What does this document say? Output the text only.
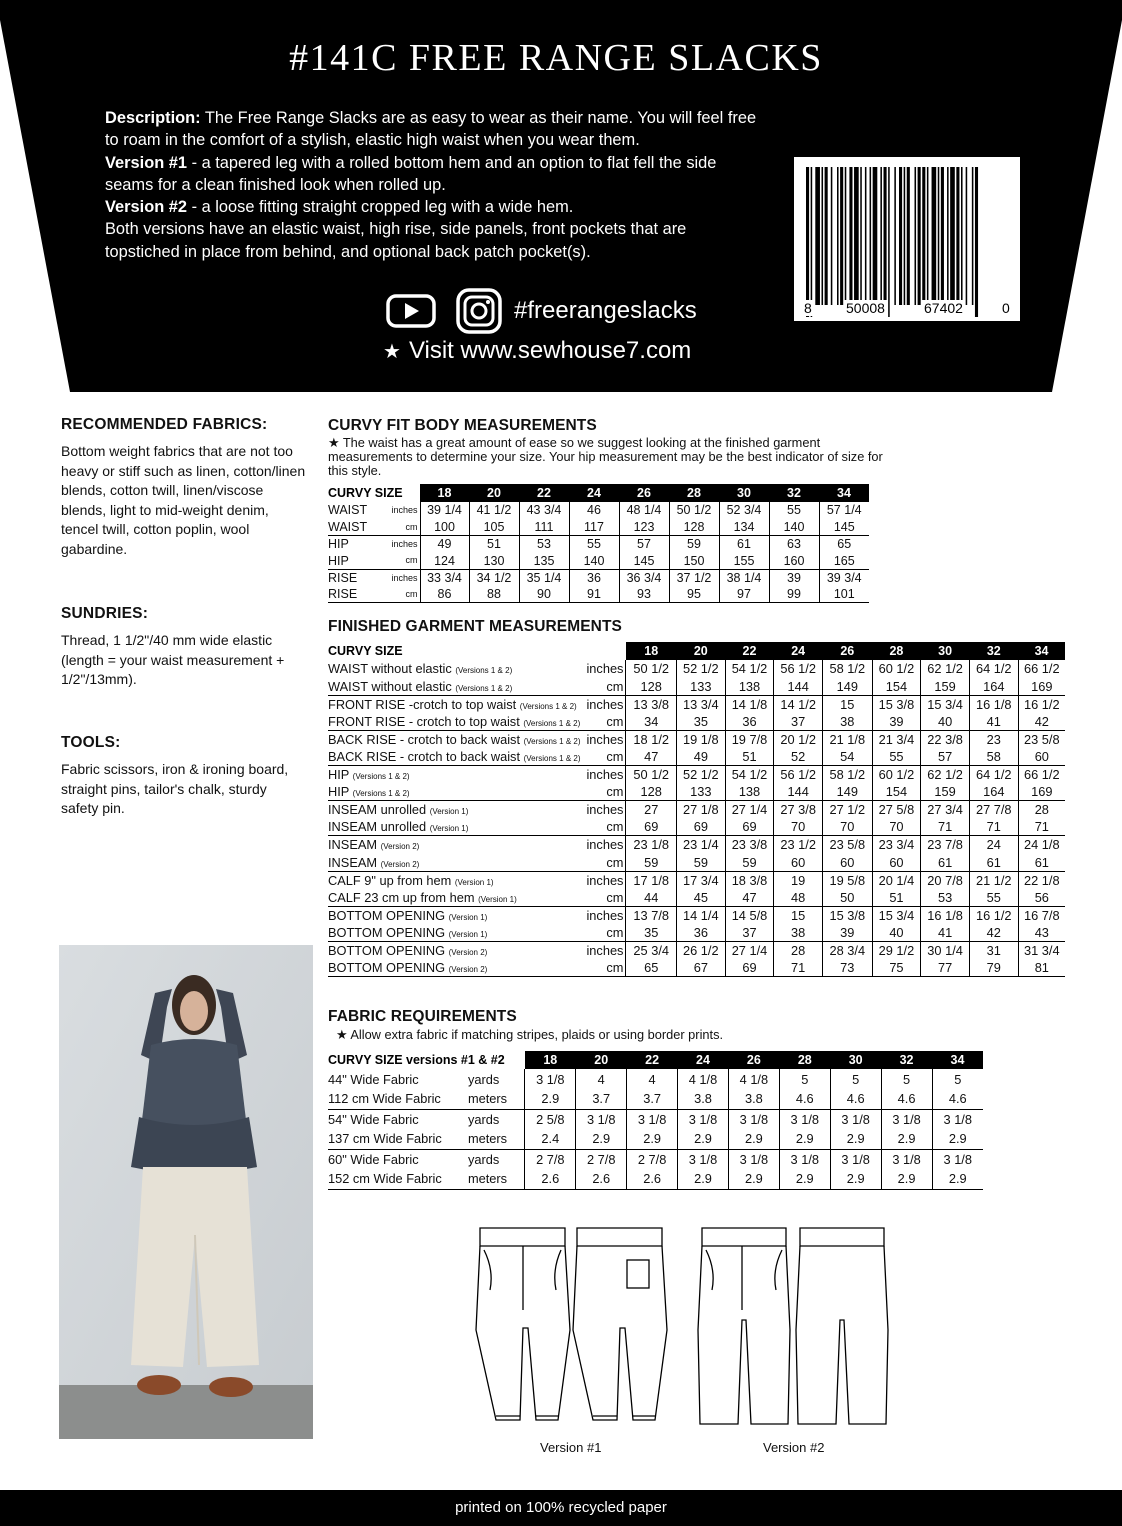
#141C FREE RANGE SLACKS
Description: The Free Range Slacks are as easy to wear as their name. You will feel free to roam in the comfort of a stylish, elastic high waist when you wear them.
Version #1 - a tapered leg with a rolled bottom hem and an option to flat fell the side seams for a clean finished look when rolled up.
Version #2 - a loose fitting straight cropped leg with a wide hem.
Both versions have an elastic waist, high rise, side panels, front pockets that are topstiched in place from behind, and optional back patch pocket(s).
#freerangeslacks
★ Visit www.sewhouse7.com
8 50008	67402	0
RECOMMENDED FABRICS:
Bottom weight fabrics that are not too heavy or stiff such as linen, cotton/linen blends, cotton twill, linen/viscose blends, light to mid-weight denim, tencel twill, cotton poplin, wool gabardine.
SUNDRIES:
Thread, 1 1/2"/40 mm wide elastic (length = your waist measurement + 1/2"/13mm).
TOOLS:
Fabric scissors, iron & ironing board, straight pins, tailor's chalk, sturdy safety pin.
CURVY FIT BODY MEASUREMENTS
★ The waist has a great amount of ease so we suggest looking at the finished garment measurements to determine your size. Your hip measurement may be the best indicator of size for this style.
CURVY SIZE	18	20	22	24	26	28	30	32	34
WAIST inches	39 1/4	41 1/2	43 3/4	46	48 1/4	50 1/2	52 3/4	55	57 1/4
WAIST cm	100	105	111	117	123	128	134	140	145
HIP inches	49	51	53	55	57	59	61	63	65
HIP cm	124	130	135	140	145	150	155	160	165
RISE inches	33 3/4	34 1/2	35 1/4	36	36 3/4	37 1/2	38 1/4	39	39 3/4
RISE cm	86	88	90	91	93	95	97	99	101
FINISHED GARMENT MEASUREMENTS
CURVY SIZE		18	20	22	24	26	28	30	32	34
WAIST without elastic (Versions 1 & 2)	inches	50 1/2	52 1/2	54 1/2	56 1/2	58 1/2	60 1/2	62 1/2	64 1/2	66 1/2
WAIST without elastic (Versions 1 & 2)	cm	128	133	138	144	149	154	159	164	169
FRONT RISE -crotch to top waist (Versions 1 & 2)	inches	13 3/8	13 3/4	14 1/8	14 1/2	15	15 3/8	15 3/4	16 1/8	16 1/2
FRONT RISE - crotch to top waist (Versions 1 & 2)	cm	34	35	36	37	38	39	40	41	42
BACK RISE - crotch to back waist (Versions 1 & 2)	inches	18 1/2	19 1/8	19 7/8	20 1/2	21 1/8	21 3/4	22 3/8	23	23 5/8
BACK RISE - crotch to back waist (Versions 1 & 2)	cm	47	49	51	52	54	55	57	58	60
HIP (Versions 1 & 2)	inches	50 1/2	52 1/2	54 1/2	56 1/2	58 1/2	60 1/2	62 1/2	64 1/2	66 1/2
HIP (Versions 1 & 2)	cm	128	133	138	144	149	154	159	164	169
INSEAM unrolled (Version 1)	inches	27	27 1/8	27 1/4	27 3/8	27 1/2	27 5/8	27 3/4	27 7/8	28
INSEAM unrolled (Version 1)	cm	69	69	69	70	70	70	71	71	71
INSEAM (Version 2)	inches	23 1/8	23 1/4	23 3/8	23 1/2	23 5/8	23 3/4	23 7/8	24	24 1/8
INSEAM (Version 2)	cm	59	59	59	60	60	60	61	61	61
CALF 9" up from hem (Version 1)	inches	17 1/8	17 3/4	18 3/8	19	19 5/8	20 1/4	20 7/8	21 1/2	22 1/8
CALF 23 cm up from hem (Version 1)	cm	44	45	47	48	50	51	53	55	56
BOTTOM OPENING (Version 1)	inches	13 7/8	14 1/4	14 5/8	15	15 3/8	15 3/4	16 1/8	16 1/2	16 7/8
BOTTOM OPENING (Version 1)	cm	35	36	37	38	39	40	41	42	43
BOTTOM OPENING (Version 2)	inches	25 3/4	26 1/2	27 1/4	28	28 3/4	29 1/2	30 1/4	31	31 3/4
BOTTOM OPENING (Version 2)	cm	65	67	69	71	73	75	77	79	81
FABRIC REQUIREMENTS
★ Allow extra fabric if matching stripes, plaids or using border prints.
CURVY SIZE versions #1 & #2		18	20	22	24	26	28	30	32	34
44" Wide Fabric	yards	3 1/8	4	4	4 1/8	4 1/8	5	5	5	5
112 cm Wide Fabric	meters	2.9	3.7	3.7	3.8	3.8	4.6	4.6	4.6	4.6
54" Wide Fabric	yards	2 5/8	3 1/8	3 1/8	3 1/8	3 1/8	3 1/8	3 1/8	3 1/8	3 1/8
137 cm Wide Fabric	meters	2.4	2.9	2.9	2.9	2.9	2.9	2.9	2.9	2.9
60" Wide Fabric	yards	2 7/8	2 7/8	2 7/8	3 1/8	3 1/8	3 1/8	3 1/8	3 1/8	3 1/8
152 cm Wide Fabric	meters	2.6	2.6	2.6	2.9	2.9	2.9	2.9	2.9	2.9
Version #1	Version #2
printed on 100% recycled paper
